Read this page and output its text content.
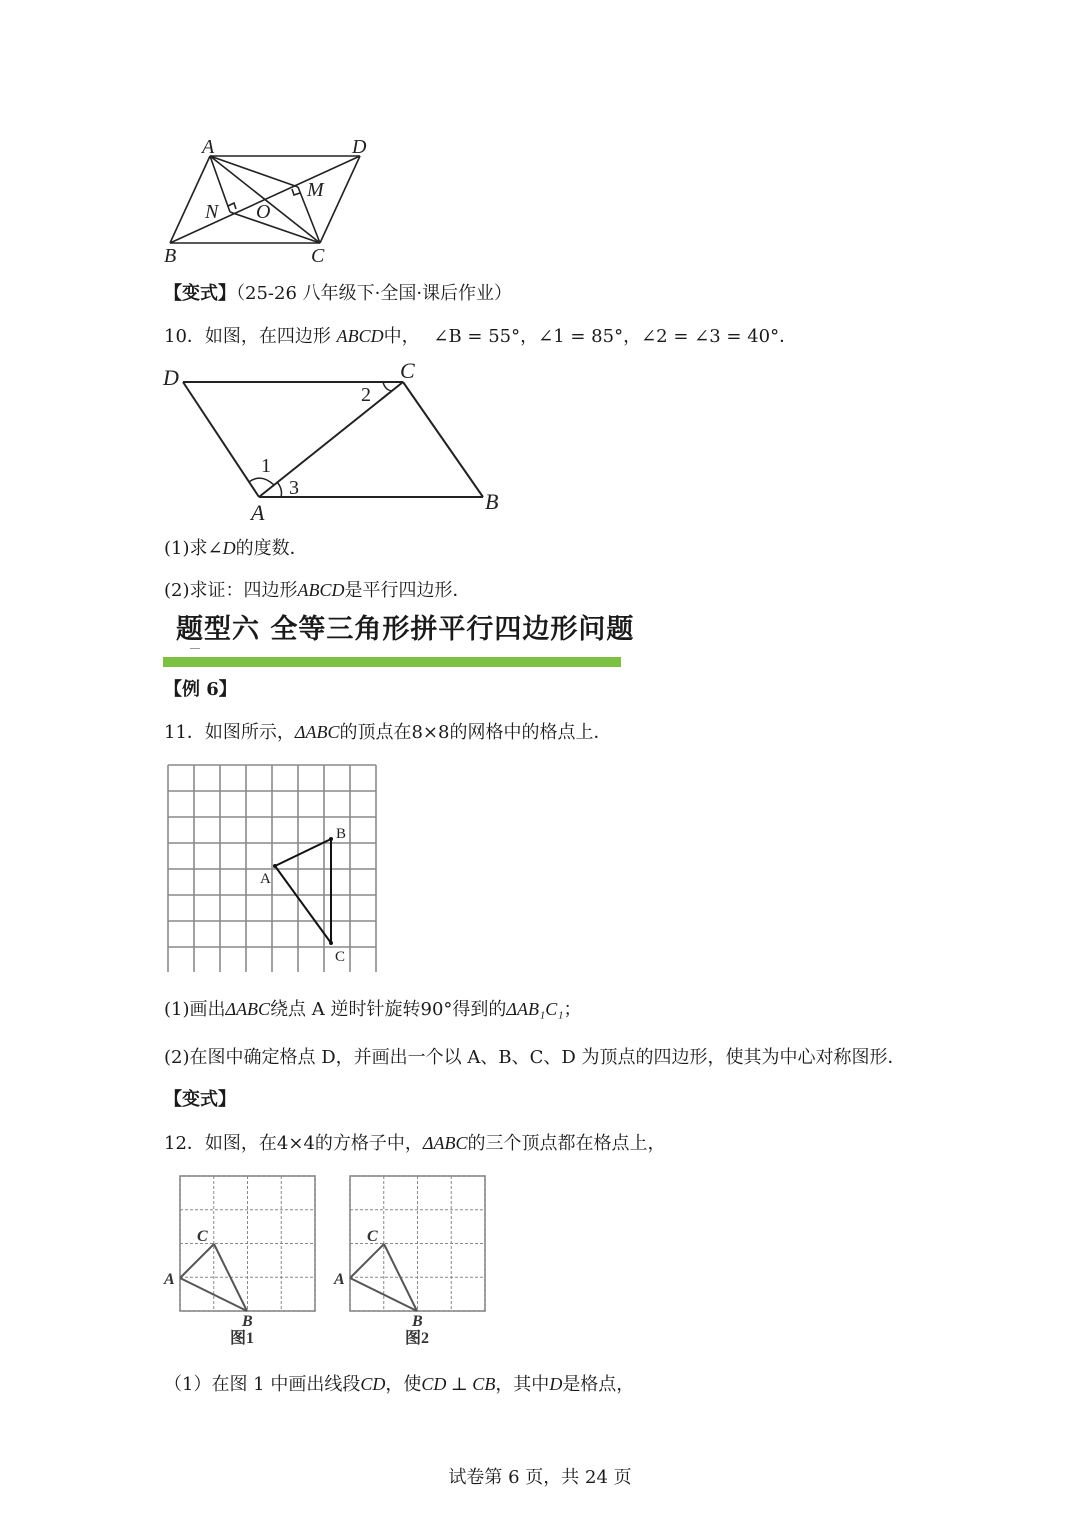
A	D
B	C
N O
M
【变式】（25-26 八年级下·全国·课后作业）
10．如图，在四边形 ABCD中， ∠B = 55°，∠1 = 85°，∠2 = ∠3 = 40°．
D	C
A	B
1
2
3
(1)求∠D的度数．
(2)求证：四边形ABCD是平行四边形．
题型六 全等三角形拼平行四边形问题
【例 6】
11．如图所示，ΔABC的顶点在8×8的网格中的格点上．
A
B
C
(1)画出ΔABC绕点 A 逆时针旋转90°得到的ΔAB₁C₁；
(2)在图中确定格点 D，并画出一个以 A、B、C、D 为顶点的四边形，使其为中心对称图形．
【变式】
12．如图，在4×4的方格子中，ΔABC的三个顶点都在格点上，
A
C
B
图1
A
C
B
图2
（1）在图 1 中画出线段CD，使CD ⊥ CB，其中D是格点，
试卷第 6 页，共 24 页
